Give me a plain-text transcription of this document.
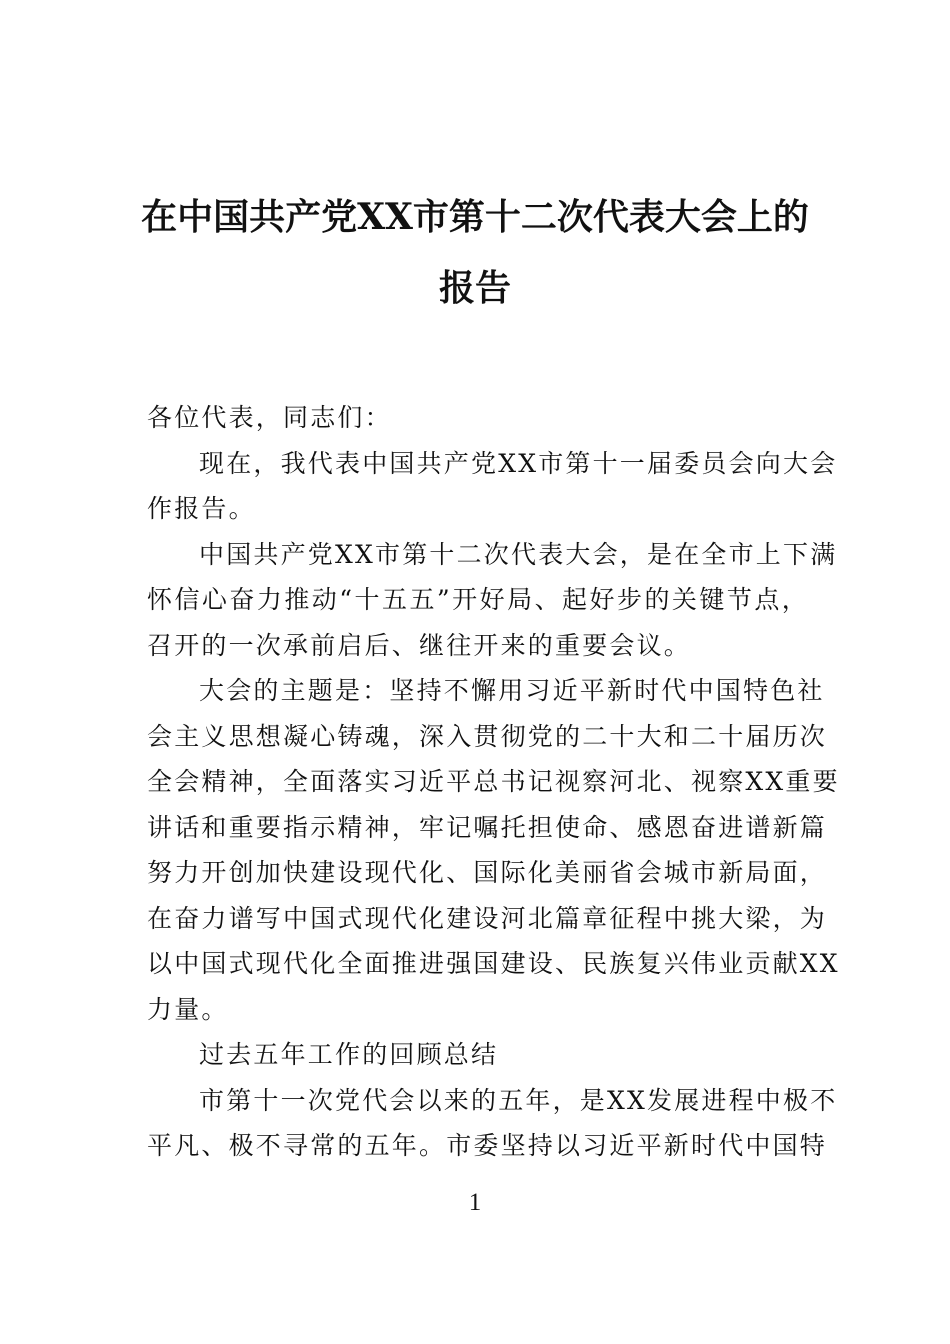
在中国共产党XX市第十二次代表大会上的
报告
各位代表，同志们：
现在，我代表中国共产党XX市第十一届委员会向大会
作报告。
中国共产党XX市第十二次代表大会，是在全市上下满
怀信心奋力推动“十五五”开好局、起好步的关键节点，
召开的一次承前启后、继往开来的重要会议。
大会的主题是：坚持不懈用习近平新时代中国特色社
会主义思想凝心铸魂，深入贯彻党的二十大和二十届历次
全会精神，全面落实习近平总书记视察河北、视察XX重要
讲话和重要指示精神，牢记嘱托担使命、感恩奋进谱新篇
努力开创加快建设现代化、国际化美丽省会城市新局面，
在奋力谱写中国式现代化建设河北篇章征程中挑大梁，为
以中国式现代化全面推进强国建设、民族复兴伟业贡献XX
力量。
过去五年工作的回顾总结
市第十一次党代会以来的五年，是XX发展进程中极不
平凡、极不寻常的五年。市委坚持以习近平新时代中国特
1
